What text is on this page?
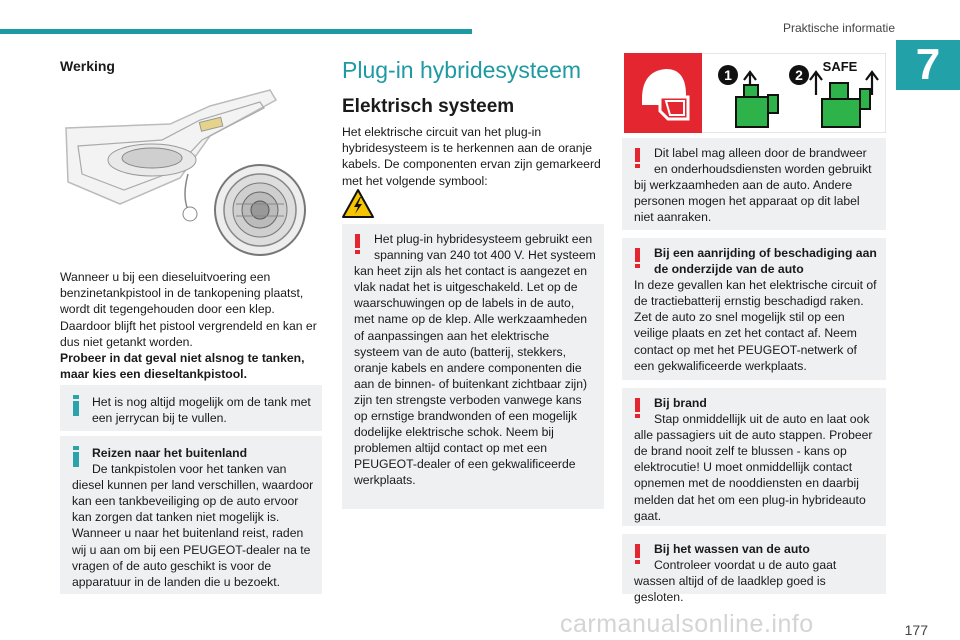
Praktische informatie
7
Werking
Wanneer u bij een dieseluitvoering een benzinetankpistool in de tankopening plaatst, wordt dit tegengehouden door een klep. Daardoor blijft het pistool vergrendeld en kan er dus niet getankt worden.
Probeer in dat geval niet alsnog te tanken, maar kies een dieseltankpistool.
Het is nog altijd mogelijk om de tank met een jerrycan bij te vullen.
Reizen naar het buitenland
De tankpistolen voor het tanken van
diesel kunnen per land verschillen, waardoor kan een tankbeveiliging op de auto ervoor kan zorgen dat tanken niet mogelijk is. Wanneer u naar het buitenland reist, raden wij u aan om bij een PEUGEOT-dealer na te vragen of de auto geschikt is voor de apparatuur in de landen die u bezoekt.
Plug-in hybridesysteem
Elektrisch systeem
Het elektrische circuit van het plug-in hybridesysteem is te herkennen aan de oranje kabels. De componenten ervan zijn gemarkeerd met het volgende symbool:
Het plug-in hybridesysteem gebruikt een
spanning van 240 tot 400 V. Het systeem
kan heet zijn als het contact is aangezet en vlak nadat het is uitgeschakeld. Let op de waarschuwingen op de labels in de auto, met name op de klep. Alle werkzaamheden of aanpassingen aan het elektrische systeem van de auto (batterij, stekkers, oranje kabels en andere componenten die aan de binnen- of buitenkant zichtbaar zijn) zijn ten strengste verboden vanwege kans op ernstige brandwonden of een mogelijk dodelijke elektrische schok. Neem bij problemen altijd contact op met een PEUGEOT-dealer of een gekwalificeerde werkplaats.
1	2
SAFE
Dit label mag alleen door de brandweer
en onderhoudsdiensten worden gebruikt
bij werkzaamheden aan de auto. Andere personen mogen het apparaat op dit label niet aanraken.
Bij een aanrijding of beschadiging aan
de onderzijde van de auto
In deze gevallen kan het elektrische circuit of de tractiebatterij ernstig beschadigd raken. Zet de auto zo snel mogelijk stil op een veilige plaats en zet het contact af. Neem contact op met het PEUGEOT-netwerk of een gekwalificeerde werkplaats.
Bij brand
Stap onmiddellijk uit de auto en laat ook
alle passagiers uit de auto stappen. Probeer de brand nooit zelf te blussen - kans op elektrocutie! U moet onmiddellijk contact opnemen met de nooddiensten en daarbij melden dat het om een plug-in hybrideauto gaat.
Bij het wassen van de auto
Controleer voordat u de auto gaat
wassen altijd of de laadklep goed is gesloten.
carmanualsonline.info	177
